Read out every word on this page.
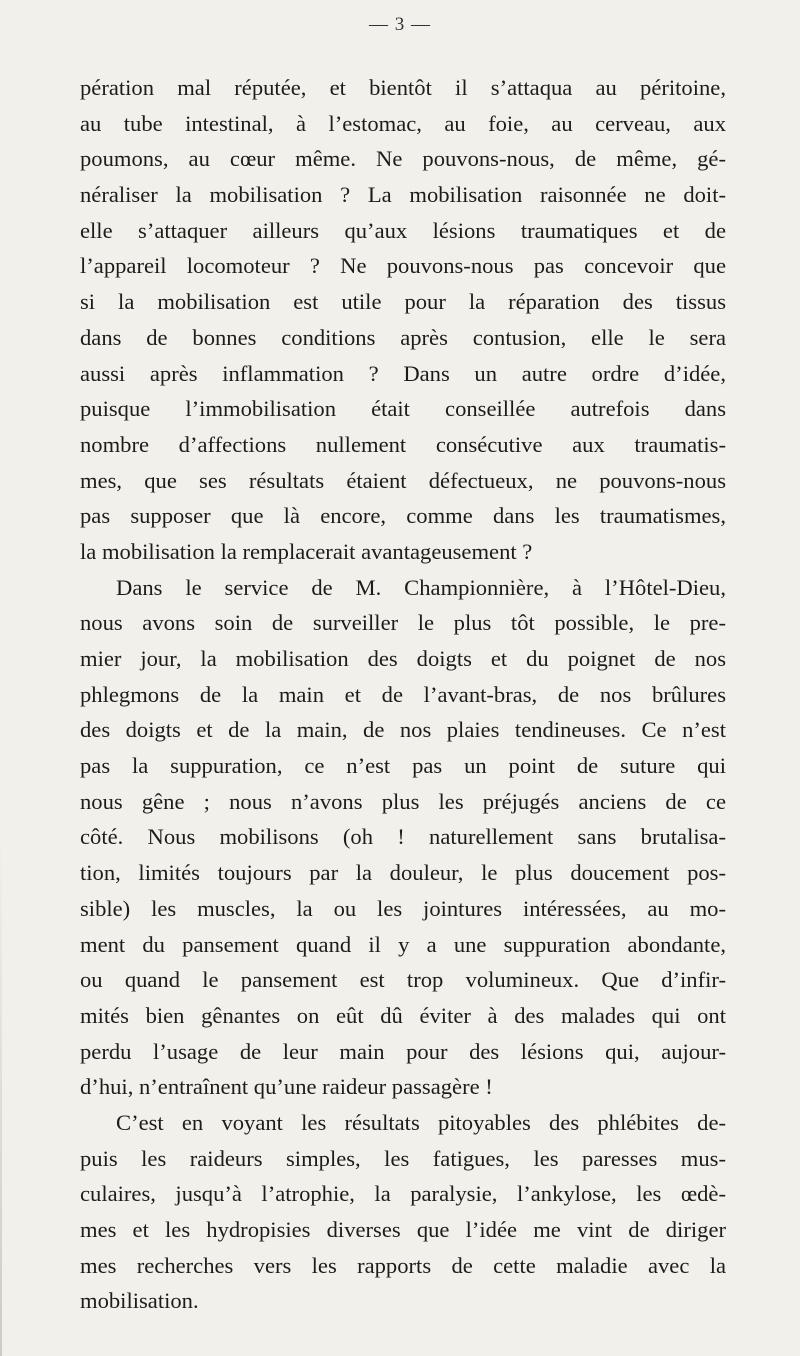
— 3 —
pération mal réputée, et bientôt il s’attaqua au péritoine,
au tube intestinal, à l’estomac, au foie, au cerveau, aux
poumons, au cœur même. Ne pouvons-nous, de même, gé-
néraliser la mobilisation ? La mobilisation raisonnée ne doit-
elle s’attaquer ailleurs qu’aux lésions traumatiques et de
l’appareil locomoteur ? Ne pouvons-nous pas concevoir que
si la mobilisation est utile pour la réparation des tissus
dans de bonnes conditions après contusion, elle le sera
aussi après inflammation ? Dans un autre ordre d’idée,
puisque l’immobilisation était conseillée autrefois dans
nombre d’affections nullement consécutive aux traumatis-
mes, que ses résultats étaient défectueux, ne pouvons-nous
pas supposer que là encore, comme dans les traumatismes,
la mobilisation la remplacerait avantageusement ?
Dans le service de M. Championnière, à l’Hôtel-Dieu,
nous avons soin de surveiller le plus tôt possible, le pre-
mier jour, la mobilisation des doigts et du poignet de nos
phlegmons de la main et de l’avant-bras, de nos brûlures
des doigts et de la main, de nos plaies tendineuses. Ce n’est
pas la suppuration, ce n’est pas un point de suture qui
nous gêne ; nous n’avons plus les préjugés anciens de ce
côté. Nous mobilisons (oh ! naturellement sans brutalisa-
tion, limités toujours par la douleur, le plus doucement pos-
sible) les muscles, la ou les jointures intéressées, au mo-
ment du pansement quand il y a une suppuration abondante,
ou quand le pansement est trop volumineux. Que d’infir-
mités bien gênantes on eût dû éviter à des malades qui ont
perdu l’usage de leur main pour des lésions qui, aujour-
d’hui, n’entraînent qu’une raideur passagère !
C’est en voyant les résultats pitoyables des phlébites de-
puis les raideurs simples, les fatigues, les paresses mus-
culaires, jusqu’à l’atrophie, la paralysie, l’ankylose, les œdè-
mes et les hydropisies diverses que l’idée me vint de diriger
mes recherches vers les rapports de cette maladie avec la
mobilisation.
